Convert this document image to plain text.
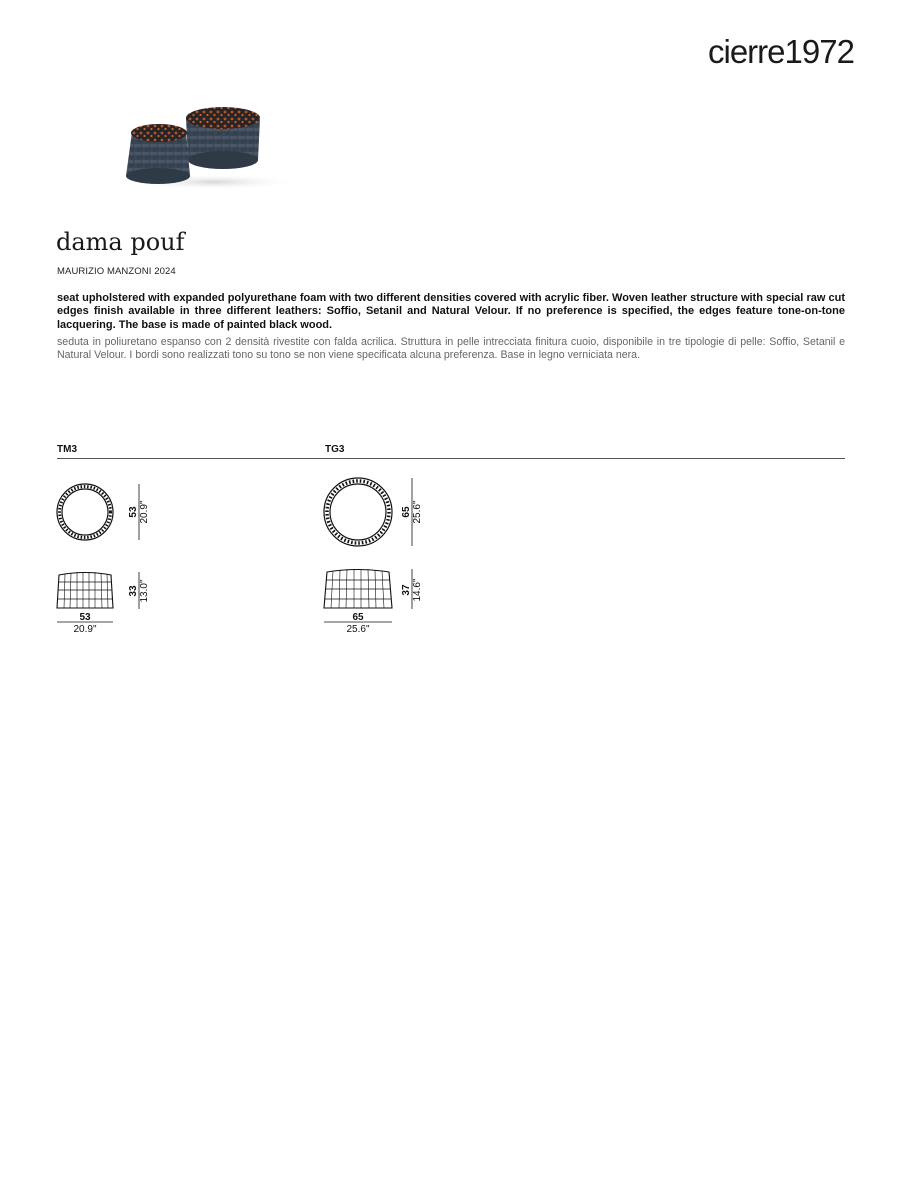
cierre1972
dama pouf
MAURIZIO MANZONI 2024

seat upholstered with expanded polyurethane foam with two different densities covered with acrylic fiber. Woven leather structure with special raw cut edges finish available in three different leathers: Soffio, Setanil and Natural Velour. If no preference is specified, the edges feature tone-on-tone lacquering. The base is made of painted black wood.

seduta in poliuretano espanso con 2 densità rivestite con falda acrilica. Struttura in pelle intrecciata finitura cuoio, disponibile in tre tipologie di pelle: Soffio, Setanil e Natural Velour. I bordi sono realizzati tono su tono se non viene specificata alcuna preferenza. Base in legno verniciata nera.

TM3	TG3
53 20.9"
33 13.0"
53
20.9"
65 25.6"
37 14.6"
65
25.6"
